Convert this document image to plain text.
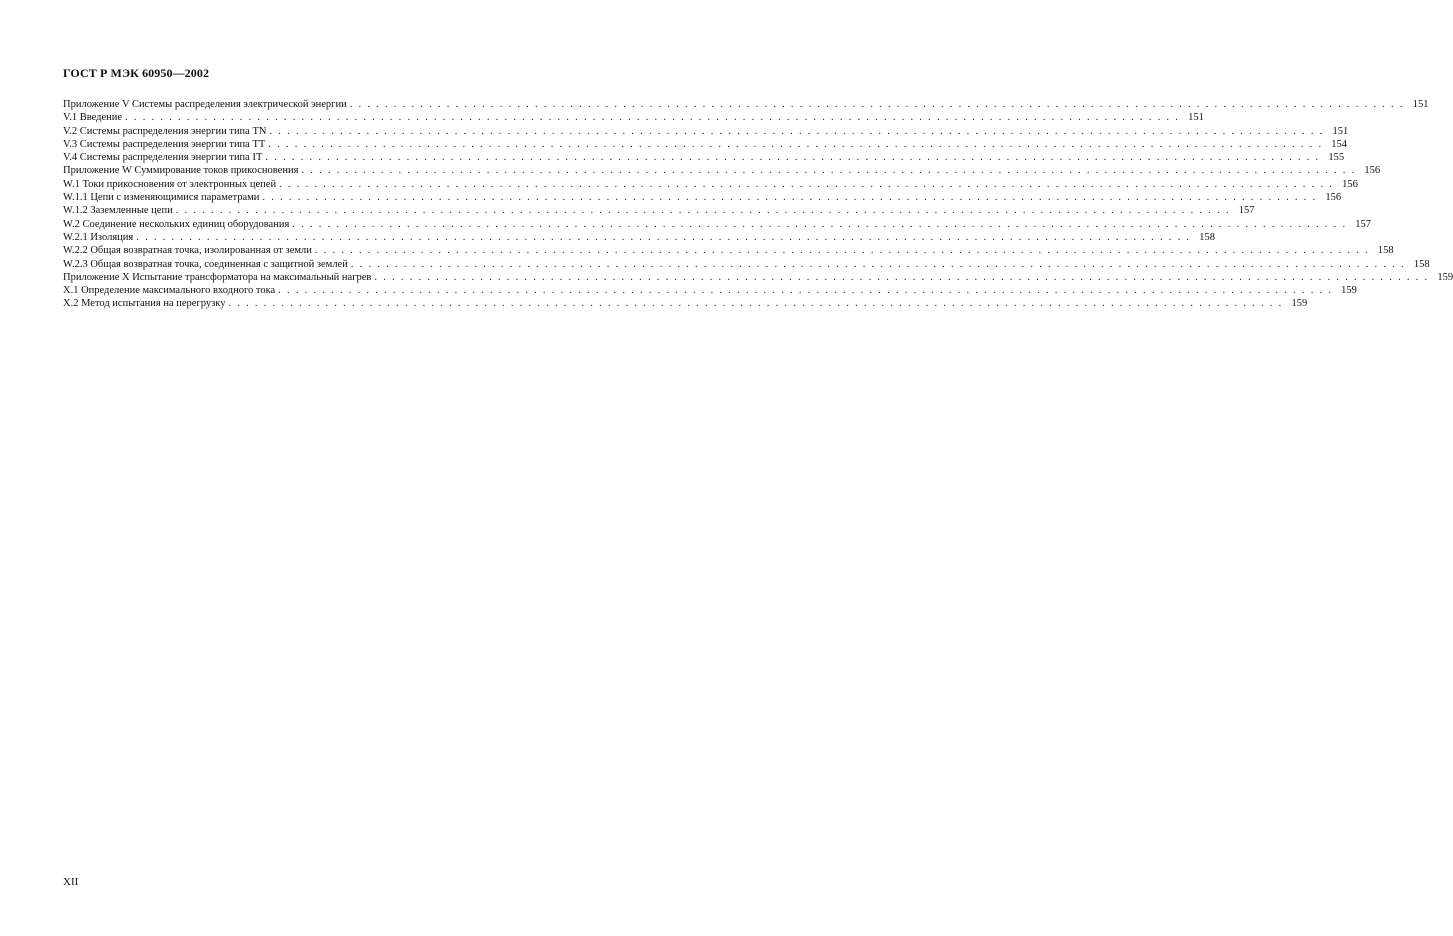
ГОСТ Р МЭК 60950—2002
Приложение V Системы распределения электрической энергии ........................................................................................................................ 151
V.1 Введение ........................................................................................................................ 151
V.2 Системы распределения энергии типа TN ........................................................................................................................ 151
V.3 Системы распределения энергии типа TT ........................................................................................................................ 154
V.4 Системы распределения энергии типа IT ........................................................................................................................ 155
Приложение W Суммирование токов прикосновения ........................................................................................................................ 156
W.1 Токи прикосновения от электронных цепей ........................................................................................................................ 156
W.1.1 Цепи с изменяющимися параметрами ........................................................................................................................ 156
W.1.2 Заземленные цепи ........................................................................................................................ 157
W.2 Соединение нескольких единиц оборудования ........................................................................................................................ 157
W.2.1 Изоляция ........................................................................................................................ 158
W.2.2 Общая возвратная точка, изолированная от земли ........................................................................................................................ 158
W.2.3 Общая возвратная точка, соединенная с защитной землей ........................................................................................................................ 158
Приложение X Испытание трансформатора на максимальный нагрев ........................................................................................................................ 159
X.1 Определение максимального входного тока ........................................................................................................................ 159
X.2 Метод испытания на перегрузку ........................................................................................................................ 159
XII
